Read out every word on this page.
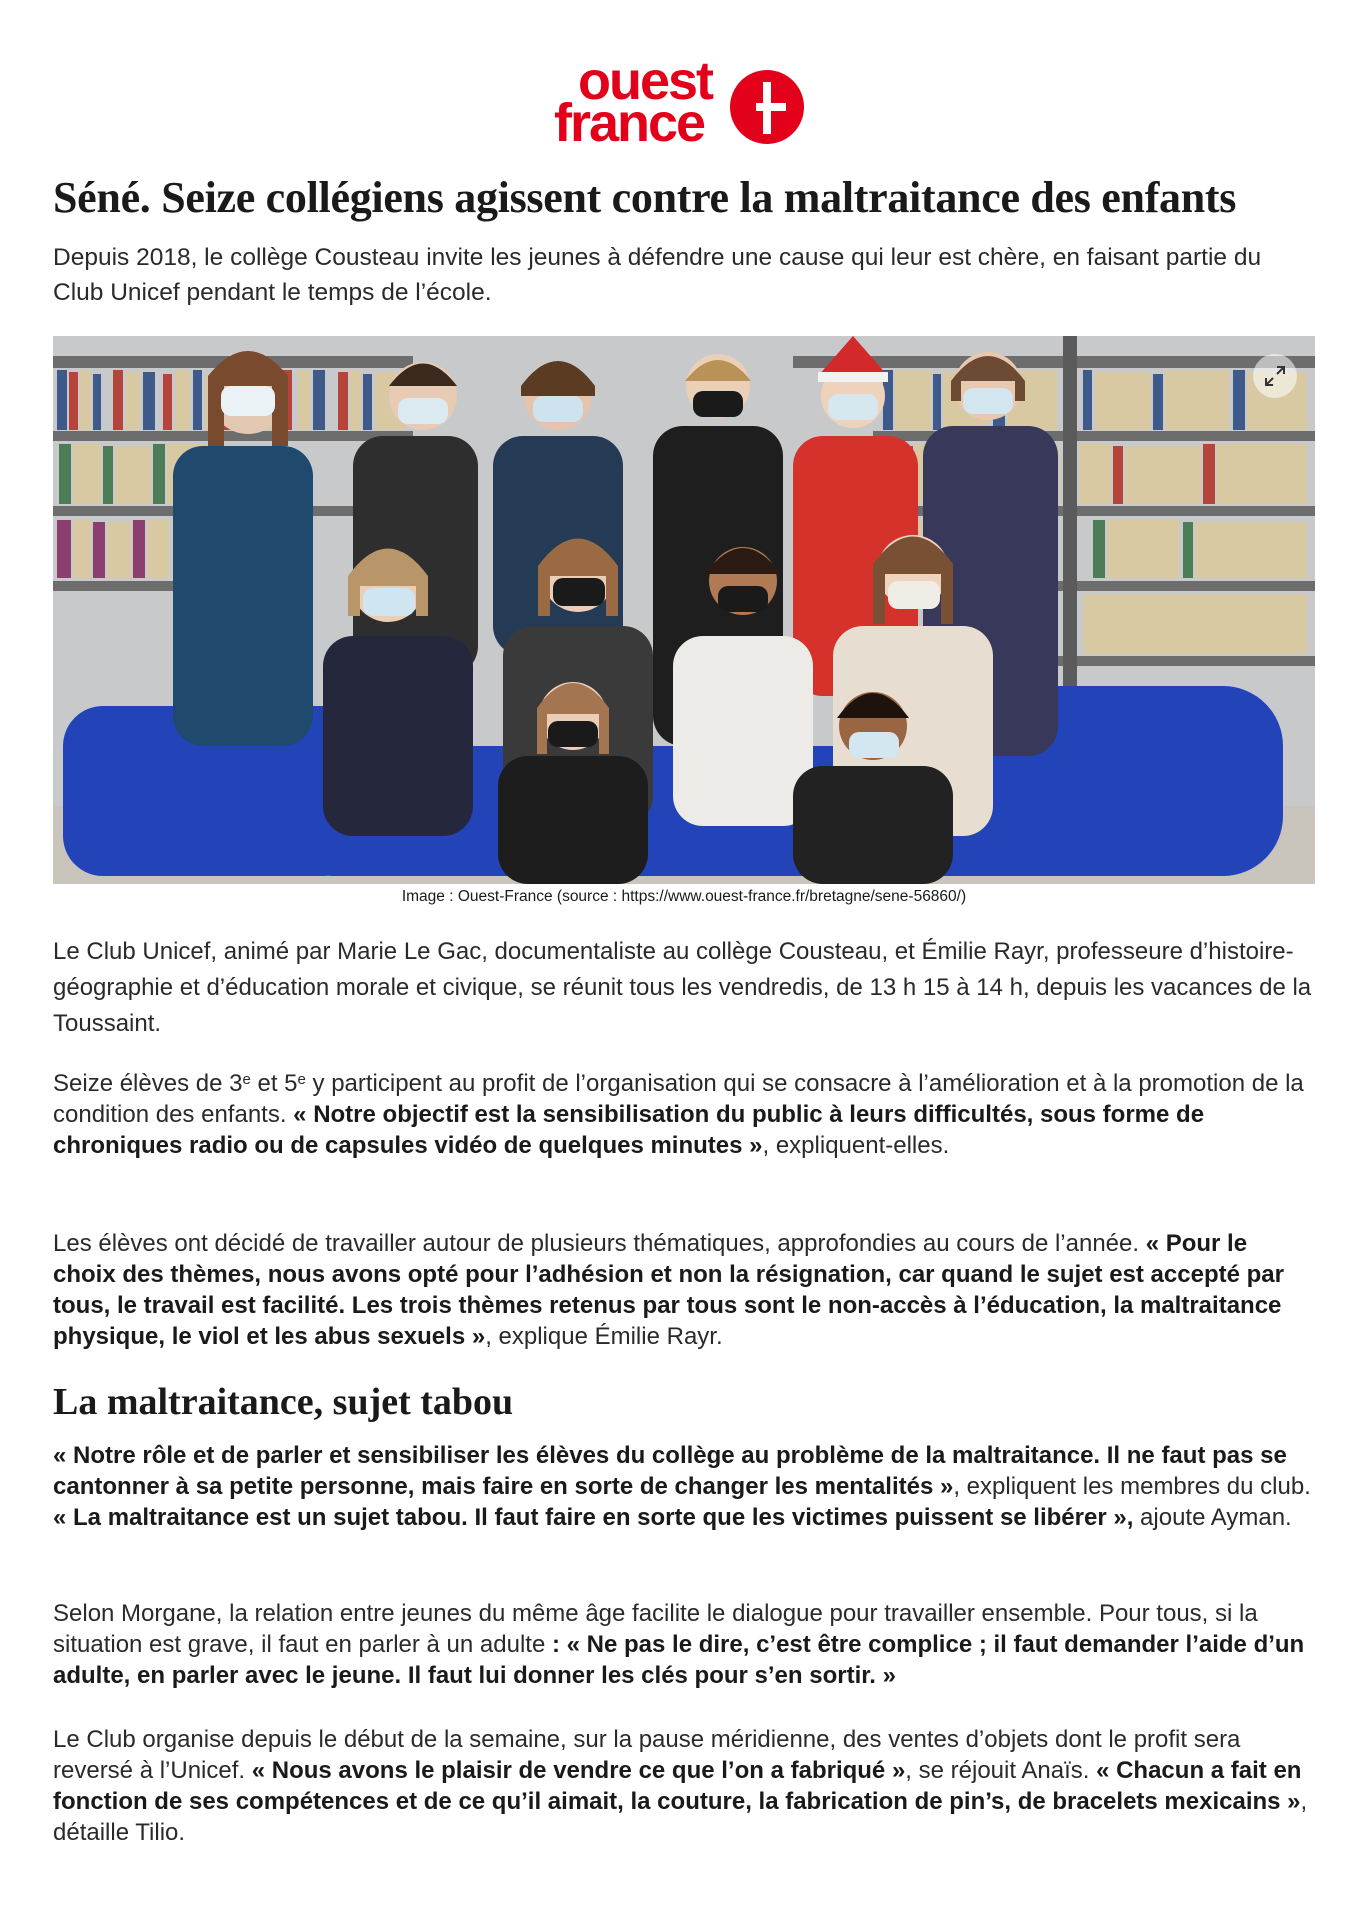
ouest
france
Séné. Seize collégiens agissent contre la maltraitance des enfants

Depuis 2018, le collège Cousteau invite les jeunes à défendre une cause qui leur est chère, en faisant partie du Club Unicef pendant le temps de l’école.

Image : Ouest-France (source : https://www.ouest-france.fr/bretagne/sene-56860/)

Le Club Unicef, animé par Marie Le Gac, documentaliste au collège Cousteau, et Émilie Rayr, professeure d’histoire-géographie et d’éducation morale et civique, se réunit tous les vendredis, de 13 h 15 à 14 h, depuis les vacances de la Toussaint.

Seize élèves de 3e et 5e y participent au profit de l’organisation qui se consacre à l’amélioration et à la promotion de la condition des enfants. « Notre objectif est la sensibilisation du public à leurs difficultés, sous forme de chroniques radio ou de capsules vidéo de quelques minutes », expliquent-elles.

Les élèves ont décidé de travailler autour de plusieurs thématiques, approfondies au cours de l’année. « Pour le choix des thèmes, nous avons opté pour l’adhésion et non la résignation, car quand le sujet est accepté par tous, le travail est facilité. Les trois thèmes retenus par tous sont le non-accès à l’éducation, la maltraitance physique, le viol et les abus sexuels », explique Émilie Rayr.

La maltraitance, sujet tabou

« Notre rôle et de parler et sensibiliser les élèves du collège au problème de la maltraitance. Il ne faut pas se cantonner à sa petite personne, mais faire en sorte de changer les mentalités », expliquent les membres du club. « La maltraitance est un sujet tabou. Il faut faire en sorte que les victimes puissent se libérer », ajoute Ayman.

Selon Morgane, la relation entre jeunes du même âge facilite le dialogue pour travailler ensemble. Pour tous, si la situation est grave, il faut en parler à un adulte : « Ne pas le dire, c’est être complice ; il faut demander l’aide d’un adulte, en parler avec le jeune. Il faut lui donner les clés pour s’en sortir. »

Le Club organise depuis le début de la semaine, sur la pause méridienne, des ventes d’objets dont le profit sera reversé à l’Unicef. « Nous avons le plaisir de vendre ce que l’on a fabriqué », se réjouit Anaïs. « Chacun a fait en fonction de ses compétences et de ce qu’il aimait, la couture, la fabrication de pin’s, de bracelets mexicains », détaille Tilio.
